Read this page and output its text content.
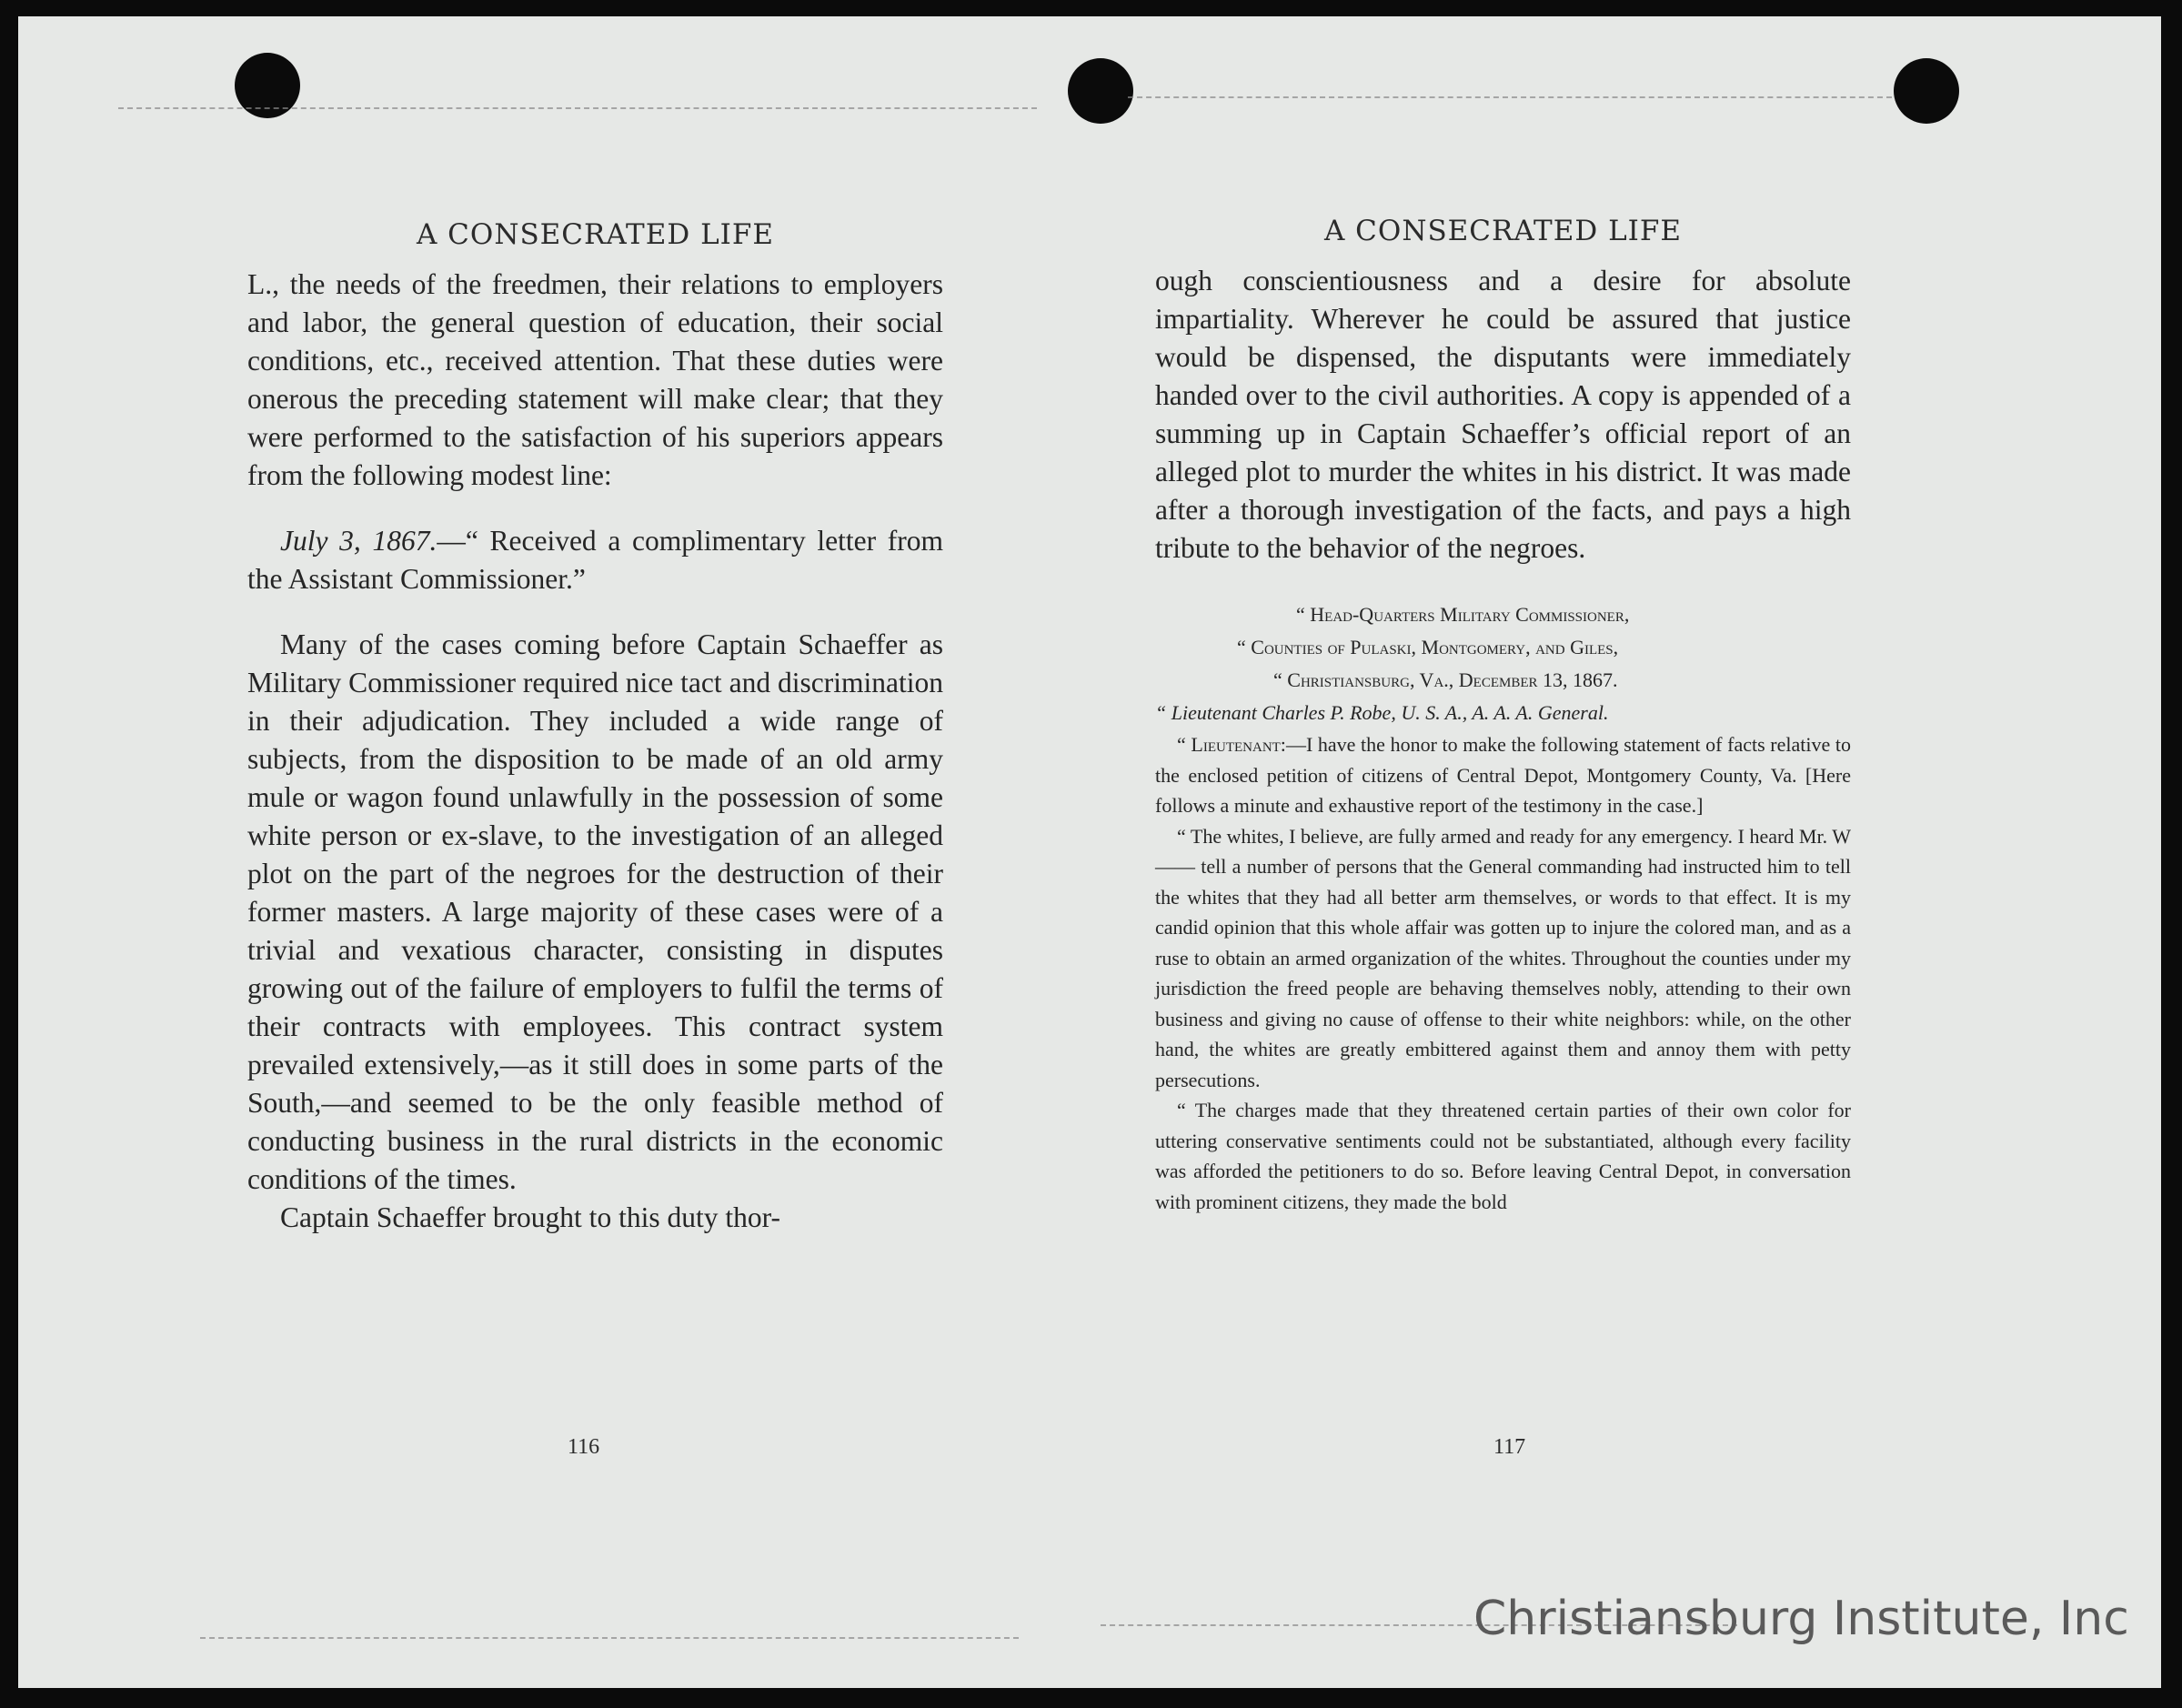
A CONSECRATED LIFE

L., the needs of the freedmen, their relations to employers and labor, the general question of education, their social conditions, etc., received attention. That these duties were onerous the preceding statement will make clear; that they were performed to the satisfaction of his superiors appears from the following modest line:

July 3, 1867.—“ Received a complimentary letter from the Assistant Commissioner.”

Many of the cases coming before Captain Schaeffer as Military Commissioner required nice tact and discrimination in their adjudication. They included a wide range of subjects, from the disposition to be made of an old army mule or wagon found unlawfully in the possession of some white person or ex-slave, to the investigation of an alleged plot on the part of the negroes for the destruction of their former masters. A large majority of these cases were of a trivial and vexatious character, consisting in disputes growing out of the failure of employers to fulfil the terms of their contracts with employees. This contract system prevailed extensively,—as it still does in some parts of the South,—and seemed to be the only feasible method of conducting business in the rural districts in the economic conditions of the times.

Captain Schaeffer brought to this duty thor-

116
A CONSECRATED LIFE

ough conscientiousness and a desire for absolute impartiality. Wherever he could be assured that justice would be dispensed, the disputants were immediately handed over to the civil authorities. A copy is appended of a summing up in Captain Schaeffer’s official report of an alleged plot to murder the whites in his district. It was made after a thorough investigation of the facts, and pays a high tribute to the behavior of the negroes.

“ Head-Quarters Military Commissioner,
“ Counties of Pulaski, Montgomery, and Giles,
“ Christiansburg, Va., December 13, 1867.
“ Lieutenant Charles P. Robe, U. S. A., A. A. A. General.

“ Lieutenant:—I have the honor to make the following statement of facts relative to the enclosed petition of citizens of Central Depot, Montgomery County, Va. [Here follows a minute and exhaustive report of the testimony in the case.]

“ The whites, I believe, are fully armed and ready for any emergency. I heard Mr. W—— tell a number of persons that the General commanding had instructed him to tell the whites that they had all better arm themselves, or words to that effect. It is my candid opinion that this whole affair was gotten up to injure the colored man, and as a ruse to obtain an armed organization of the whites. Throughout the counties under my jurisdiction the freed people are behaving themselves nobly, attending to their own business and giving no cause of offense to their white neighbors: while, on the other hand, the whites are greatly embittered against them and annoy them with petty persecutions.

“ The charges made that they threatened certain parties of their own color for uttering conservative sentiments could not be substantiated, although every facility was afforded the petitioners to do so. Before leaving Central Depot, in conversation with prominent citizens, they made the bold

117
Christiansburg Institute, Inc
